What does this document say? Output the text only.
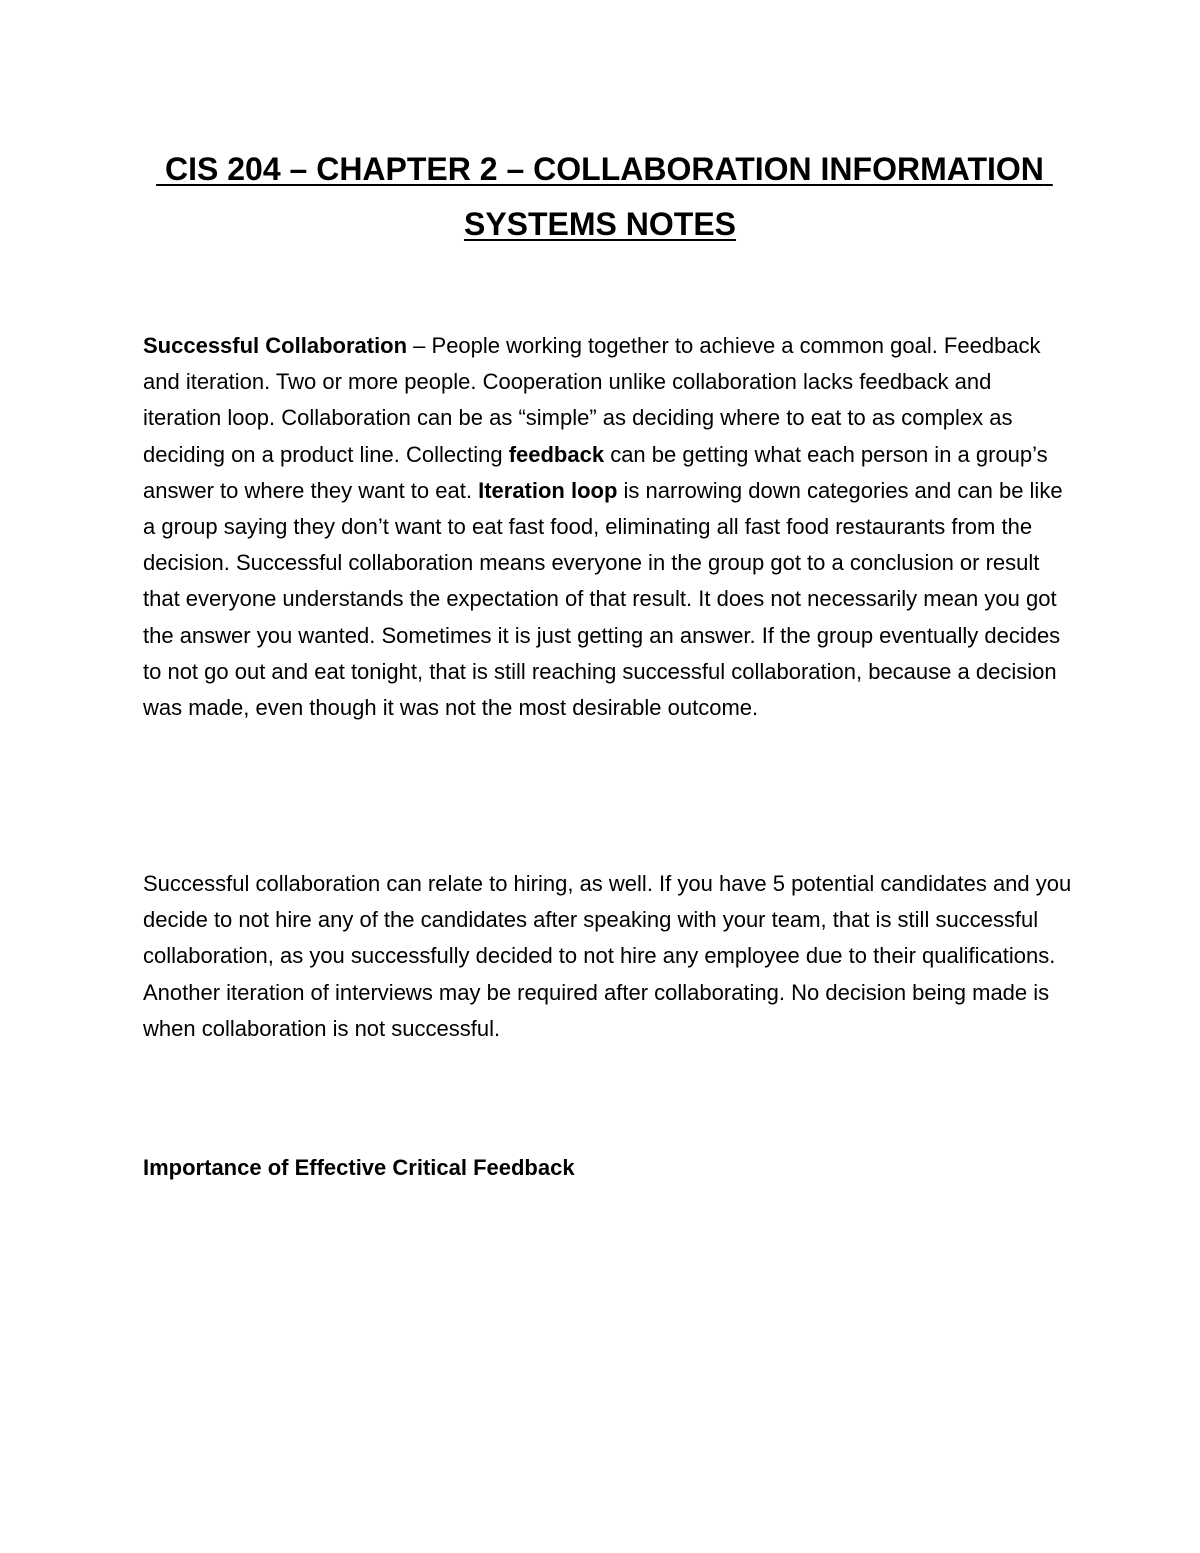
CIS 204 – CHAPTER 2 – COLLABORATION INFORMATION SYSTEMS NOTES

Successful Collaboration – People working together to achieve a common goal. Feedback and iteration. Two or more people. Cooperation unlike collaboration lacks feedback and iteration loop. Collaboration can be as “simple” as deciding where to eat to as complex as deciding on a product line. Collecting feedback can be getting what each person in a group’s answer to where they want to eat. Iteration loop is narrowing down categories and can be like a group saying they don’t want to eat fast food, eliminating all fast food restaurants from the decision. Successful collaboration means everyone in the group got to a conclusion or result that everyone understands the expectation of that result. It does not necessarily mean you got the answer you wanted. Sometimes it is just getting an answer. If the group eventually decides to not go out and eat tonight, that is still reaching successful collaboration, because a decision was made, even though it was not the most desirable outcome.

Successful collaboration can relate to hiring, as well. If you have 5 potential candidates and you decide to not hire any of the candidates after speaking with your team, that is still successful collaboration, as you successfully decided to not hire any employee due to their qualifications. Another iteration of interviews may be required after collaborating. No decision being made is when collaboration is not successful.

Importance of Effective Critical Feedback
